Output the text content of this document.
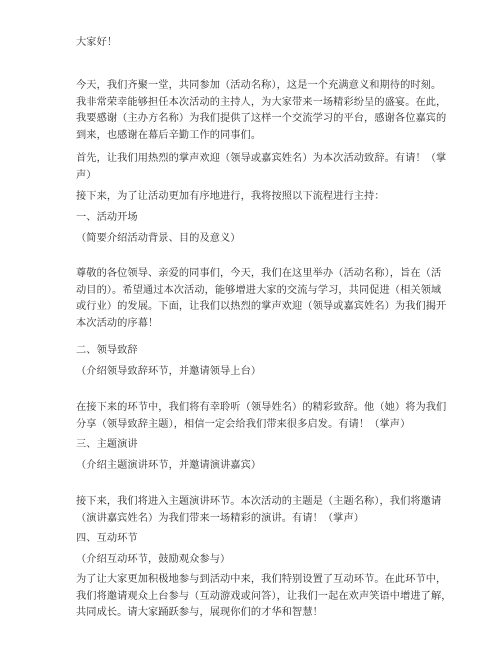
大家好！
今天，我们齐聚一堂，共同参加（活动名称），这是一个充满意义和期待的时刻。
我非常荣幸能够担任本次活动的主持人，为大家带来一场精彩纷呈的盛宴。在此，
我要感谢（主办方名称）为我们提供了这样一个交流学习的平台，感谢各位嘉宾的
到来，也感谢在幕后辛勤工作的同事们。
首先，让我们用热烈的掌声欢迎（领导或嘉宾姓名）为本次活动致辞。有请！（掌
声）
接下来，为了让活动更加有序地进行，我将按照以下流程进行主持：
一、活动开场
（简要介绍活动背景、目的及意义）
尊敬的各位领导、亲爱的同事们，今天，我们在这里举办（活动名称），旨在（活
动目的）。希望通过本次活动，能够增进大家的交流与学习，共同促进（相关领域
或行业）的发展。下面，让我们以热烈的掌声欢迎（领导或嘉宾姓名）为我们揭开
本次活动的序幕！
二、领导致辞
（介绍领导致辞环节，并邀请领导上台）
在接下来的环节中，我们将有幸聆听（领导姓名）的精彩致辞。他（她）将为我们
分享（领导致辞主题），相信一定会给我们带来很多启发。有请！（掌声）
三、主题演讲
（介绍主题演讲环节，并邀请演讲嘉宾）
接下来，我们将进入主题演讲环节。本次活动的主题是（主题名称），我们将邀请
（演讲嘉宾姓名）为我们带来一场精彩的演讲。有请！（掌声）
四、互动环节
（介绍互动环节，鼓励观众参与）
为了让大家更加积极地参与到活动中来，我们特别设置了互动环节。在此环节中，
我们将邀请观众上台参与（互动游戏或问答），让我们一起在欢声笑语中增进了解，
共同成长。请大家踊跃参与，展现你们的才华和智慧！
